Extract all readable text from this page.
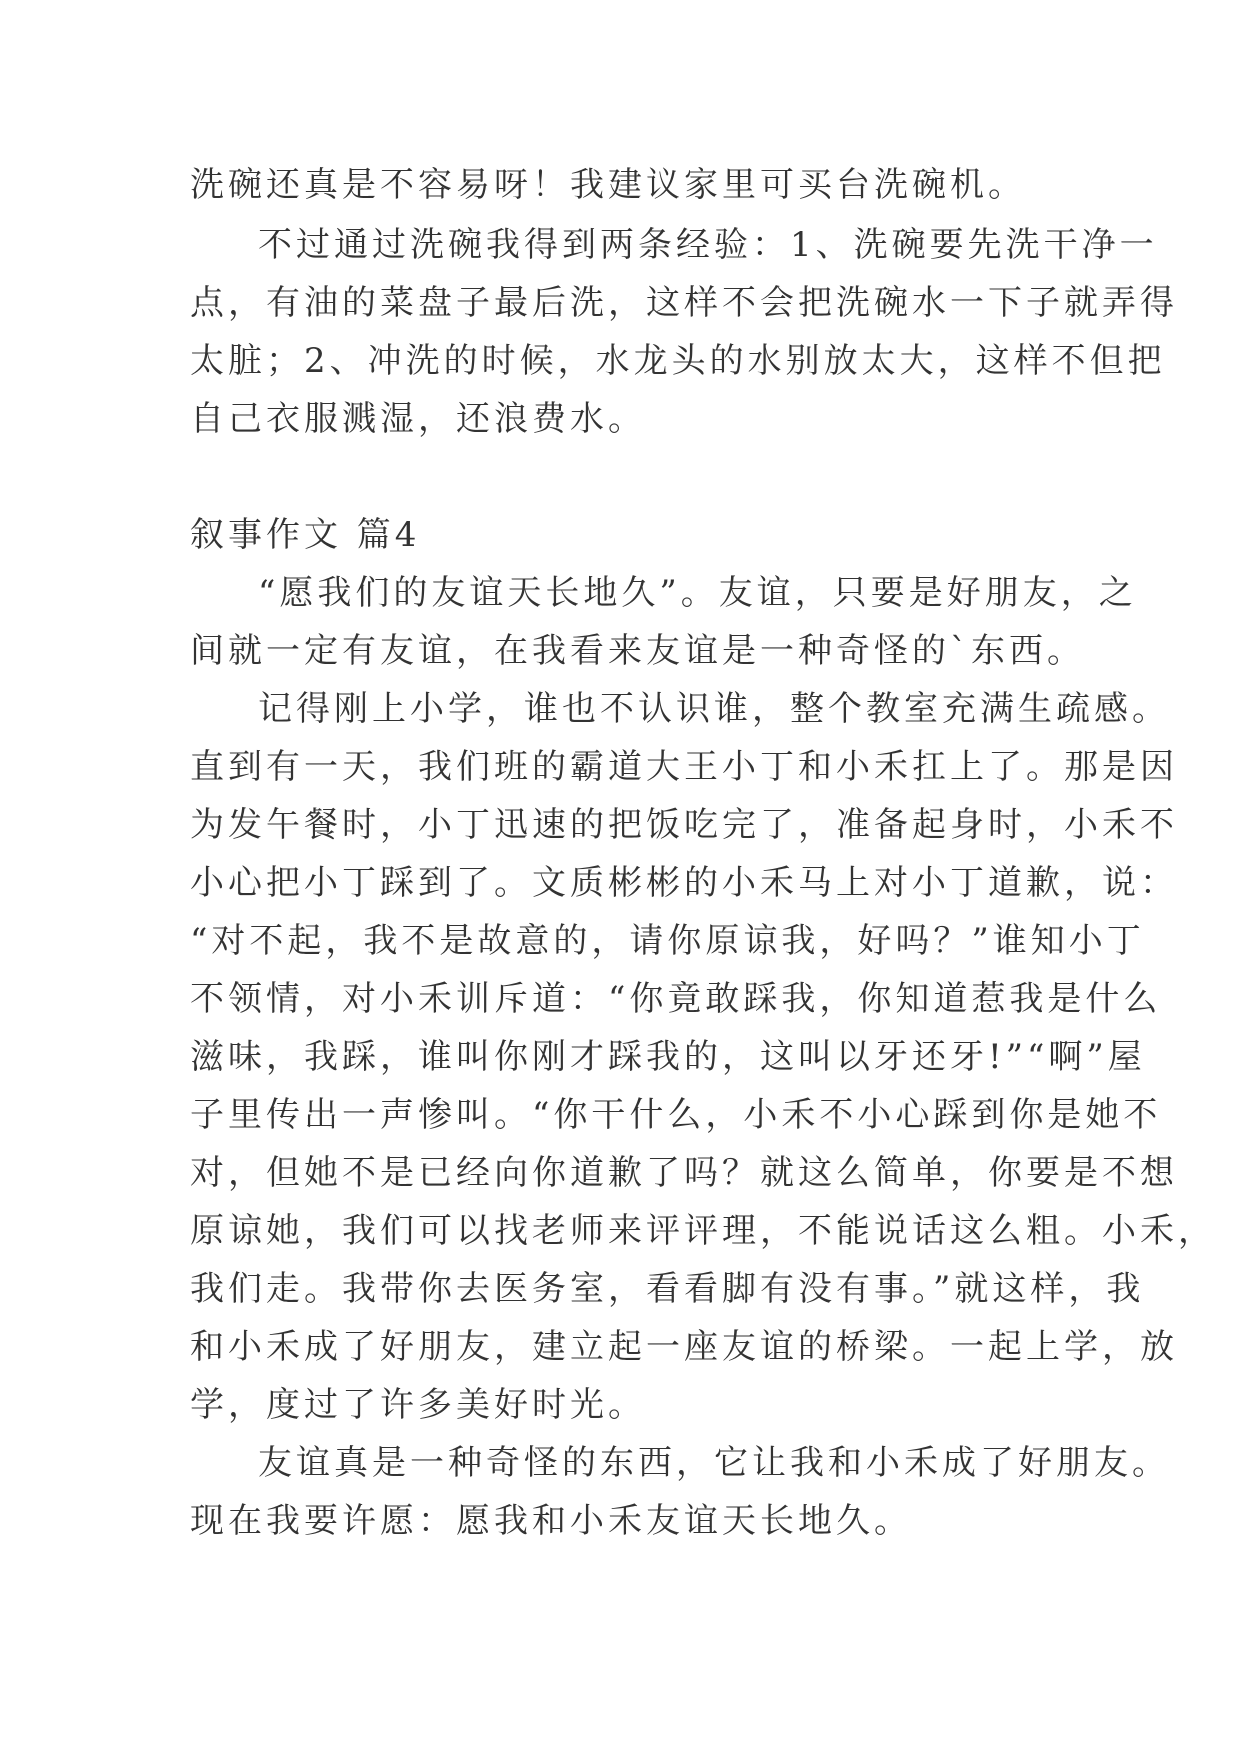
洗碗还真是不容易呀！我建议家里可买台洗碗机。
不过通过洗碗我得到两条经验：1、洗碗要先洗干净一
点，有油的菜盘子最后洗，这样不会把洗碗水一下子就弄得
太脏；2、冲洗的时候，水龙头的水别放太大，这样不但把
自己衣服溅湿，还浪费水。
叙事作文 篇4
“愿我们的友谊天长地久”。友谊，只要是好朋友，之
间就一定有友谊，在我看来友谊是一种奇怪的`东西。
记得刚上小学，谁也不认识谁，整个教室充满生疏感。
直到有一天，我们班的霸道大王小丁和小禾扛上了。那是因
为发午餐时，小丁迅速的把饭吃完了，准备起身时，小禾不
小心把小丁踩到了。文质彬彬的小禾马上对小丁道歉，说：
“对不起，我不是故意的，请你原谅我，好吗？”谁知小丁
不领情，对小禾训斥道：“你竟敢踩我，你知道惹我是什么
滋味，我踩，谁叫你刚才踩我的，这叫以牙还牙!”“啊”屋
子里传出一声惨叫。“你干什么，小禾不小心踩到你是她不
对，但她不是已经向你道歉了吗？就这么简单，你要是不想
原谅她，我们可以找老师来评评理，不能说话这么粗。小禾，
我们走。我带你去医务室，看看脚有没有事。”就这样，我
和小禾成了好朋友，建立起一座友谊的桥梁。一起上学，放
学，度过了许多美好时光。
友谊真是一种奇怪的东西，它让我和小禾成了好朋友。
现在我要许愿：愿我和小禾友谊天长地久。
